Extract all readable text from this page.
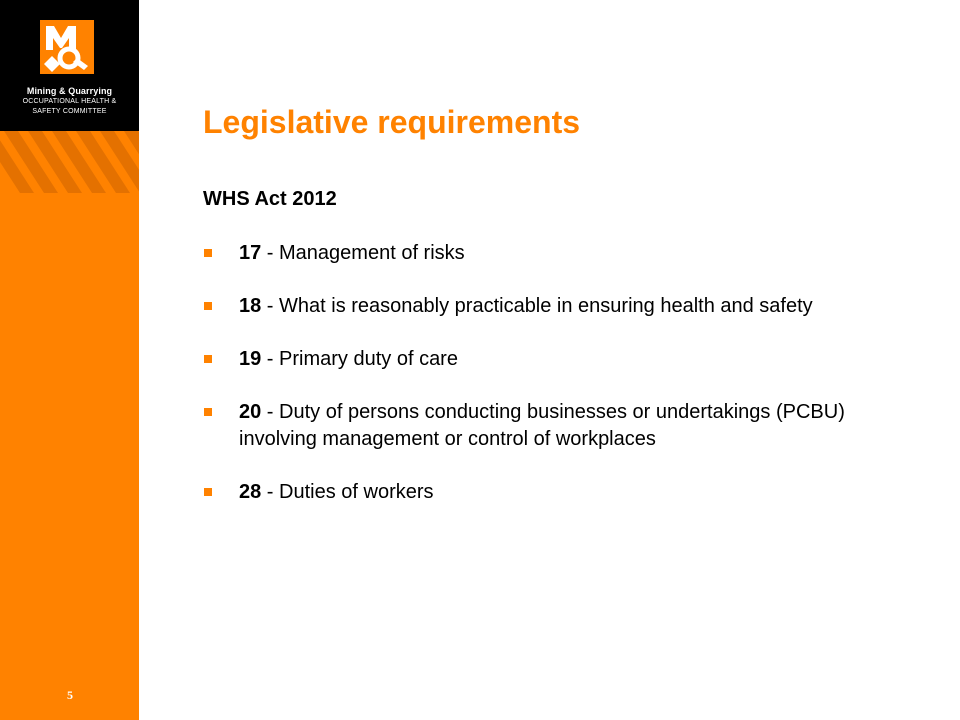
Mining & Quarrying
OCCUPATIONAL HEALTH &
SAFETY COMMITTEE
5
Legislative requirements
WHS Act 2012
17 - Management of risks
18 - What is reasonably practicable in ensuring health and safety
19 - Primary duty of care
20 - Duty of persons conducting businesses or undertakings (PCBU) involving management or control of workplaces
28 - Duties of workers
